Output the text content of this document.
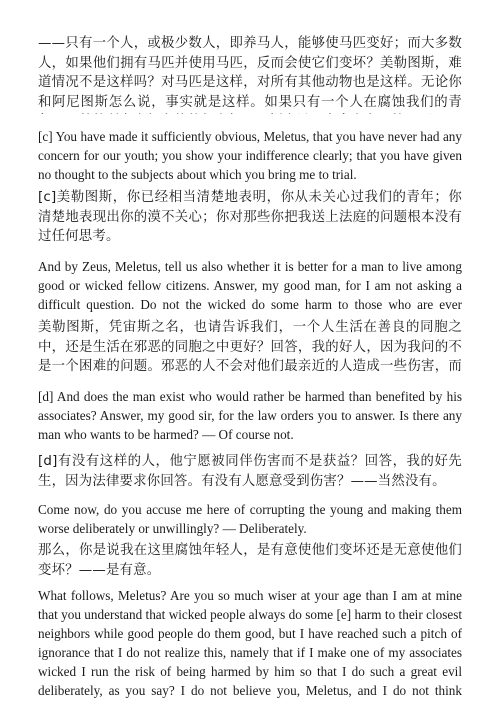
——只有一个人，或极少数人，即养马人，能够使马匹变好；而大多数人，如果他们拥有马匹并使用马匹，反而会使它们变坏？美勒图斯，难道情况不是这样吗？对马匹是这样，对所有其他动物也是这样。无论你和阿尼图斯怎么说，事实就是这样。如果只有一个人在腐蚀我们的青

[c] You have made it sufficiently obvious, Meletus, that you have never had any concern for our youth; you show your indifference clearly; that you have given no thought to the subjects about which you bring me to trial.

[c]美勒图斯，你已经相当清楚地表明，你从未关心过我们的青年；你清楚地表现出你的漠不关心；你对那些你把我送上法庭的问题根本没有过任何思考。

And by Zeus, Meletus, tell us also whether it is better for a man to live among good or wicked fellow citizens. Answer, my good man, for I am not asking a difficult question. Do not the wicked do some harm to those who are ever

美勒图斯，凭宙斯之名，也请告诉我们，一个人生活在善良的同胞之中，还是生活在邪恶的同胞之中更好？回答，我的好人，因为我问的不是一个困难的问题。邪恶的人不会对他们最亲近的人造成一些伤害，而

[d] And does the man exist who would rather be harmed than benefited by his associates? Answer, my good sir, for the law orders you to answer. Is there any man who wants to be harmed? — Of course not.

[d]有没有这样的人，他宁愿被同伴伤害而不是获益？回答，我的好先生，因为法律要求你回答。有没有人愿意受到伤害？——当然没有。

Come now, do you accuse me here of corrupting the young and making them worse deliberately or unwillingly? — Deliberately.

那么，你是说我在这里腐蚀年轻人，是有意使他们变坏还是无意使他们变坏？——是有意。

What follows, Meletus? Are you so much wiser at your age than I am at mine that you understand that wicked people always do some [e] harm to their closest neighbors while good people do them good, but I have reached such a pitch of ignorance that I do not realize this, namely that if I make one of my associates wicked I run the risk of being harmed by him so that I do such a great evil deliberately, as you say? I do not believe you, Meletus, and I do not think
